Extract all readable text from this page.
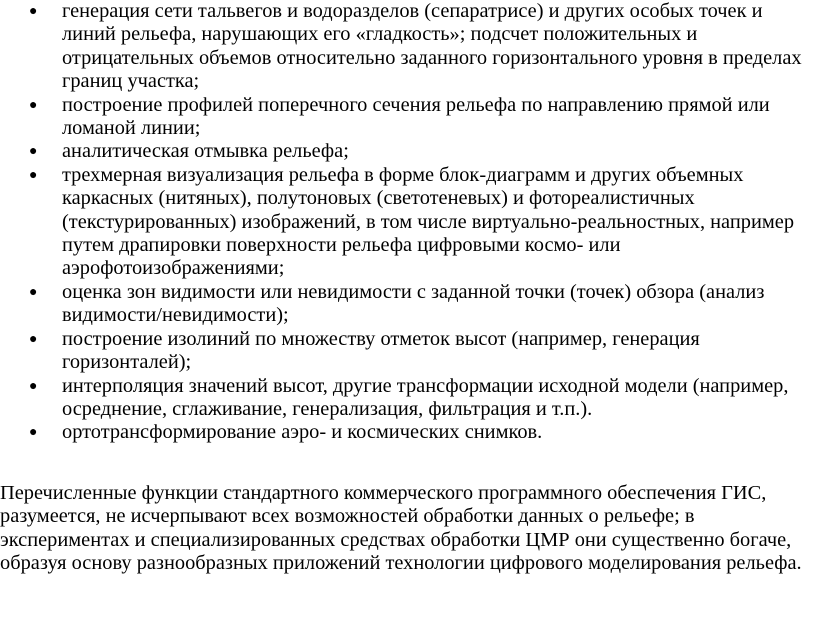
● генерация сети тальвегов и водоразделов (сепаратрисе) и других особых точек и линий рельефа, нарушающих его «гладкость»; подсчет положительных и отрицательных объемов относительно заданного горизонтального уровня в пределах границ участка;
● построение профилей поперечного сечения рельефа по направлению прямой или ломаной линии;
● аналитическая отмывка рельефа;
● трехмерная визуализация рельефа в форме блок-диаграмм и других объемных каркасных (нитяных), полутоновых (светотеневых) и фотореалистичных (текстурированных) изображений, в том числе виртуально-реальностных, например путем драпировки поверхности рельефа цифровыми космо- или аэрофотоизображениями;
● оценка зон видимости или невидимости с заданной точки (точек) обзора (анализ видимости/невидимости);
● построение изолиний по множеству отметок высот (например, генерация горизонталей);
● интерполяция значений высот, другие трансформации исходной модели (например, осреднение, сглаживание, генерализация, фильтрация и т.п.).
● ортотрансформирование аэро- и космических снимков.

Перечисленные функции стандартного коммерческого программного обеспечения ГИС, разумеется, не исчерпывают всех возможностей обработки данных о рельефе; в экспериментах и специализированных средствах обработки ЦМР они существенно богаче, образуя основу разнообразных приложений технологии цифрового моделирования рельефа.
